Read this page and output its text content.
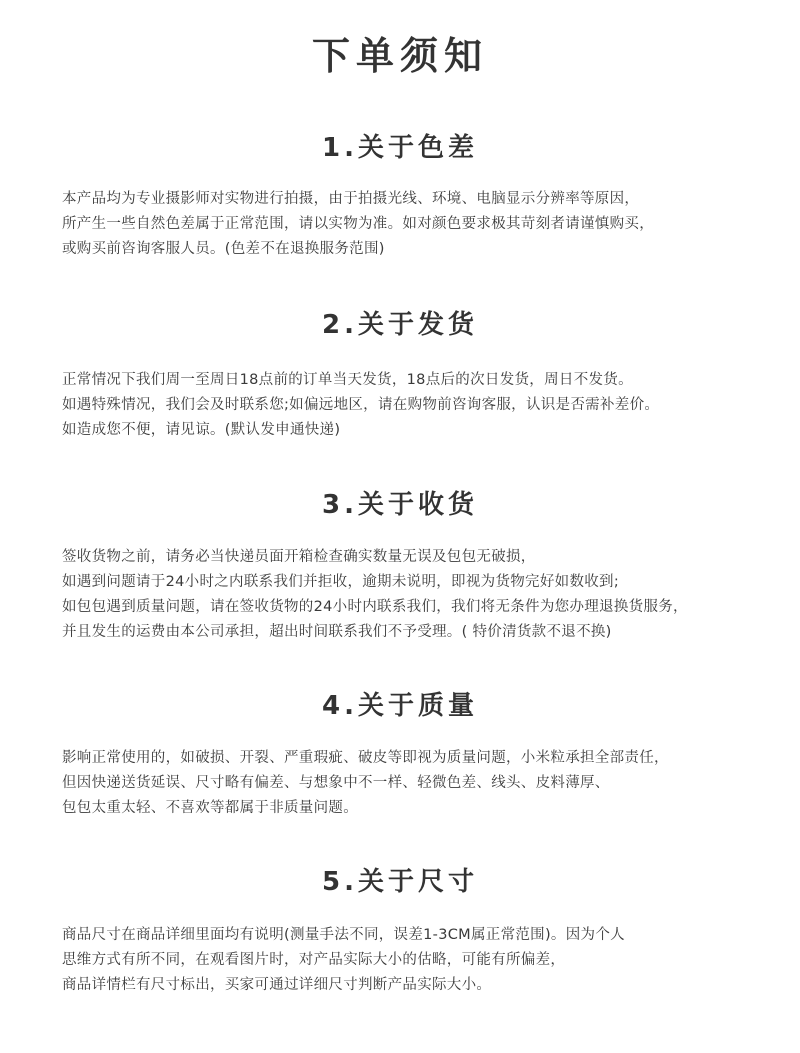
下单须知
1.关于色差
本产品均为专业摄影师对实物进行拍摄，由于拍摄光线、环境、电脑显示分辨率等原因，
所产生一些自然色差属于正常范围，请以实物为准。如对颜色要求极其苛刻者请谨慎购买，
或购买前咨询客服人员。(色差不在退换服务范围)
2.关于发货
正常情况下我们周一至周日18点前的订单当天发货，18点后的次日发货，周日不发货。
如遇特殊情况，我们会及时联系您;如偏远地区，请在购物前咨询客服，认识是否需补差价。
如造成您不便，请见谅。(默认发申通快递)
3.关于收货
签收货物之前，请务必当快递员面开箱检查确实数量无误及包包无破损，
如遇到问题请于24小时之内联系我们并拒收，逾期未说明，即视为货物完好如数收到;
如包包遇到质量问题，请在签收货物的24小时内联系我们，我们将无条件为您办理退换货服务，
并且发生的运费由本公司承担，超出时间联系我们不予受理。( 特价清货款不退不换)
4.关于质量
影响正常使用的，如破损、开裂、严重瑕疵、破皮等即视为质量问题，小米粒承担全部责任，
但因快递送货延误、尺寸略有偏差、与想象中不一样、轻微色差、线头、皮料薄厚、
包包太重太轻、不喜欢等都属于非质量问题。
5.关于尺寸
商品尺寸在商品详细里面均有说明(测量手法不同，误差1-3CM属正常范围)。因为个人
思维方式有所不同，在观看图片时，对产品实际大小的估略，可能有所偏差，
商品详情栏有尺寸标出，买家可通过详细尺寸判断产品实际大小。
